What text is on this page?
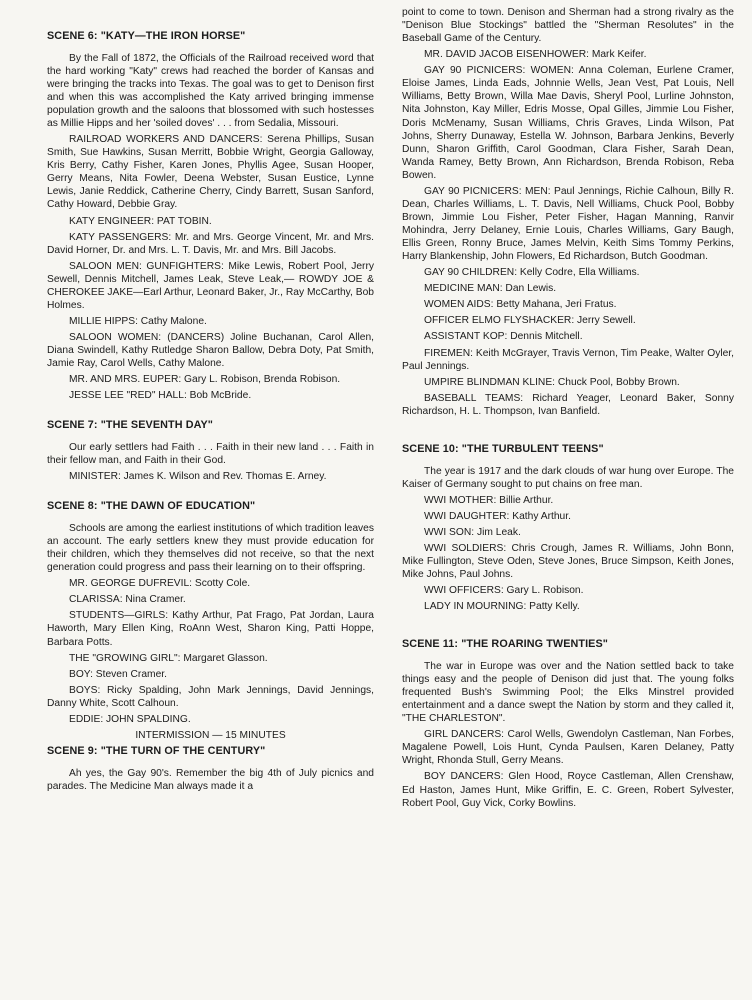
SCENE 6: "KATY—THE IRON HORSE"
By the Fall of 1872, the Officials of the Railroad received word that the hard working "Katy" crews had reached the border of Kansas and were bringing the tracks into Texas. The goal was to get to Denison first and when this was accomplished the Katy arrived bringing immense population growth and the saloons that blossomed with such hostesses as Millie Hipps and her 'soiled doves' . . . from Sedalia, Missouri.
RAILROAD WORKERS AND DANCERS: Serena Phillips, Susan Smith, Sue Hawkins, Susan Merritt, Bobbie Wright, Georgia Galloway, Kris Berry, Cathy Fisher, Karen Jones, Phyllis Agee, Susan Hooper, Gerry Means, Nita Fowler, Deena Webster, Susan Eustice, Lynne Lewis, Janie Reddick, Catherine Cherry, Cindy Barrett, Susan Sanford, Cathy Howard, Debbie Gray.
KATY ENGINEER: PAT TOBIN.
KATY PASSENGERS: Mr. and Mrs. George Vincent, Mr. and Mrs. David Horner, Dr. and Mrs. L. T. Davis, Mr. and Mrs. Bill Jacobs.
SALOON MEN: GUNFIGHTERS: Mike Lewis, Robert Pool, Jerry Sewell, Dennis Mitchell, James Leak, Steve Leak,— ROWDY JOE & CHEROKEE JAKE—Earl Arthur, Leonard Baker, Jr., Ray McCarthy, Bob Holmes.
MILLIE HIPPS: Cathy Malone.
SALOON WOMEN: (DANCERS) Joline Buchanan, Carol Allen, Diana Swindell, Kathy Rutledge Sharon Ballow, Debra Doty, Pat Smith, Jamie Ray, Carol Wells, Cathy Malone.
MR. AND MRS. EUPER: Gary L. Robison, Brenda Robison.
JESSE LEE "RED" HALL: Bob McBride.
SCENE 7: "THE SEVENTH DAY"
Our early settlers had Faith . . . Faith in their new land . . . Faith in their fellow man, and Faith in their God.
MINISTER: James K. Wilson and Rev. Thomas E. Arney.
SCENE 8: "THE DAWN OF EDUCATION"
Schools are among the earliest institutions of which tradition leaves an account. The early settlers knew they must provide education for their children, which they themselves did not receive, so that the next generation could progress and pass their learning on to their offspring.
MR. GEORGE DUFREVIL: Scotty Cole.
CLARISSA: Nina Cramer.
STUDENTS—GIRLS: Kathy Arthur, Pat Frago, Pat Jordan, Laura Haworth, Mary Ellen King, RoAnn West, Sharon King, Patti Hoppe, Barbara Potts.
THE "GROWING GIRL": Margaret Glasson.
BOY: Steven Cramer.
BOYS: Ricky Spalding, John Mark Jennings, David Jennings, Danny White, Scott Calhoun.
EDDIE: JOHN SPALDING.
INTERMISSION — 15 MINUTES
SCENE 9: "THE TURN OF THE CENTURY"
Ah yes, the Gay 90's. Remember the big 4th of July picnics and parades. The Medicine Man always made it a
point to come to town. Denison and Sherman had a strong rivalry as the "Denison Blue Stockings" battled the "Sherman Resolutes" in the Baseball Game of the Century.
MR. DAVID JACOB EISENHOWER: Mark Keifer.
GAY 90 PICNICERS: WOMEN: Anna Coleman, Eurlene Cramer, Eloise James, Linda Eads, Johnnie Wells, Jean Vest, Pat Louis, Nell Williams, Betty Brown, Willa Mae Davis, Sheryl Pool, Lurline Johnston, Nita Johnston, Kay Miller, Edris Mosse, Opal Gilles, Jimmie Lou Fisher, Doris McMenamy, Susan Williams, Chris Graves, Linda Wilson, Pat Johns, Sherry Dunaway, Estella W. Johnson, Barbara Jenkins, Beverly Dunn, Sharon Griffith, Carol Goodman, Clara Fisher, Sarah Dean, Wanda Ramey, Betty Brown, Ann Richardson, Brenda Robison, Reba Bowen.
GAY 90 PICNICERS: MEN: Paul Jennings, Richie Calhoun, Billy R. Dean, Charles Williams, L. T. Davis, Nell Williams, Chuck Pool, Bobby Brown, Jimmie Lou Fisher, Peter Fisher, Hagan Manning, Ranvir Mohindra, Jerry Delaney, Ernie Louis, Charles Williams, Gary Baugh, Ellis Green, Ronny Bruce, James Melvin, Keith Sims Tommy Perkins, Harry Blankenship, John Flowers, Ed Richardson, Butch Goodman.
GAY 90 CHILDREN: Kelly Codre, Ella Williams.
MEDICINE MAN: Dan Lewis.
WOMEN AIDS: Betty Mahana, Jeri Fratus.
OFFICER ELMO FLYSHACKER: Jerry Sewell.
ASSISTANT KOP: Dennis Mitchell.
FIREMEN: Keith McGrayer, Travis Vernon, Tim Peake, Walter Oyler, Paul Jennings.
UMPIRE BLINDMAN KLINE: Chuck Pool, Bobby Brown.
BASEBALL TEAMS: Richard Yeager, Leonard Baker, Sonny Richardson, H. L. Thompson, Ivan Banfield.
SCENE 10: "THE TURBULENT TEENS"
The year is 1917 and the dark clouds of war hung over Europe. The Kaiser of Germany sought to put chains on free man.
WWI MOTHER: Billie Arthur.
WWI DAUGHTER: Kathy Arthur.
WWI SON: Jim Leak.
WWI SOLDIERS: Chris Crough, James R. Williams, John Bonn, Mike Fullington, Steve Oden, Steve Jones, Bruce Simpson, Keith Jones, Mike Johns, Paul Johns.
WWI OFFICERS: Gary L. Robison.
LADY IN MOURNING: Patty Kelly.
SCENE 11: "THE ROARING TWENTIES"
The war in Europe was over and the Nation settled back to take things easy and the people of Denison did just that. The young folks frequented Bush's Swimming Pool; the Elks Minstrel provided entertainment and a dance swept the Nation by storm and they called it, "THE CHARLESTON".
GIRL DANCERS: Carol Wells, Gwendolyn Castleman, Nan Forbes, Magalene Powell, Lois Hunt, Cynda Paulsen, Karen Delaney, Patty Wright, Rhonda Stull, Gerry Means.
BOY DANCERS: Glen Hood, Royce Castleman, Allen Crenshaw, Ed Haston, James Hunt, Mike Griffin, E. C. Green, Robert Sylvester, Robert Pool, Guy Vick, Corky Bowlins.
